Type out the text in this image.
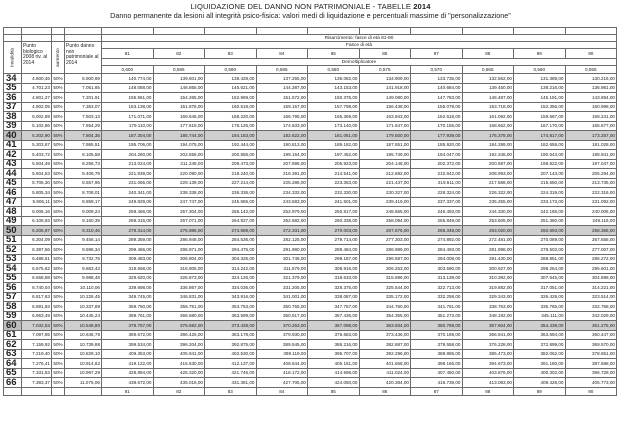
LIQUIDAZIONE DEL DANNO NON PATRIMONIALE - TABELLE 2014
Danno permanente da lesioni all integrità psico-fisica: valori medi di liquidazione e percentuali massime di "personalizzazione"

				Risarcimento: fasce di età 81-90									
Invalidità	Punto biologico 2008 riv. al 2014	aumento	Punto danno non patrimoniale al 2014	Fasce di età									
				81	82	83	84	85	86	87	88	89	90
				Demoltiplicatore									
				0,600	0,595	0,590	0,585	0,580	0,575	0,570	0,565	0,560	0,555
34	4.600,46	50%	6.900,69	140.774,00	139.601,00	138.428,00	137.255,00	136.082,00	134.909,00	133.735,00	132.562,00	131.389,00	130.216,00
35	4.701,23	50%	7.051,85	148.088,00	146.855,00	145.621,00	144.387,00	143.153,00	141.918,00	140.684,00	139.450,00	138.216,00	136.981,00
36	4.801,27	50%	7.201,91	155.561,00	154.265,00	152.969,00	151.672,00	150.376,00	149.080,00	147.783,00	146.487,00	145.191,00	143.894,00
37	4.902,05	50%	7.353,07	163.138,00	161.878,00	160.518,00	159.157,00	157.798,00	156.438,00	155.078,00	153.718,00	152.356,00	150.998,00
38	5.002,89	50%	7.503,13	171.071,00	169.646,00	168.220,00	166.795,00	165.369,00	163.943,00	162.518,00	161.092,00	159.667,00	158.241,00
39	5.102,86	50%	7.654,29	179.110,00	177.618,00	176.125,00	174.633,00	173.140,00	171.647,00	170.155,00	168.662,00	167.170,00	165.677,00
40	5.202,90	50%	7.804,35	187.304,00	185.744,00	184.183,00	182.622,00	181.061,00	179.500,00	177.939,00	176.378,00	174.817,00	173.257,00
41	5.303,67	50%	7.955,51	195.706,00	194.075,00	192.444,00	190.813,00	189.182,00	187.551,00	185.920,00	184.289,00	182.658,00	181.028,00
42	5.403,72	50%	8.105,58	204.260,00	202.558,00	200.856,00	199.154,00	197.452,00	195.749,00	194.047,00	192.345,00	190.643,00	188.941,00
43	5.504,49	50%	8.256,73	213.024,00	211.248,00	209.473,00	207.698,00	205.923,00	204.148,00	202.372,00	200.597,00	198.822,00	197.047,00
44	5.604,53	50%	8.406,79	221.939,00	220.090,00	218.240,00	216.391,00	214.541,00	212.692,00	210.842,00	208.993,00	207.143,00	205.294,00
45	5.705,30	50%	8.557,95	231.065,00	229.139,00	227.214,00	225.288,00	223.363,00	221.437,00	219.511,00	217.586,00	215.660,00	213.735,00
46	5.805,34	50%	8.708,01	240.341,00	238.338,00	236.336,00	234.333,00	232.330,00	230.327,00	228.324,00	226.322,00	224.319,00	222.316,00
47	5.906,11	50%	8.859,17	249.829,00	247.747,00	245.665,00	243.583,00	241.501,00	239.419,00	237.337,00	235.255,00	233.173,00	231.092,00
48	6.006,16	50%	9.009,24	259.466,00	257.304,00	255.142,00	252.979,00	250.817,00	248.655,00	246.493,00	244.330,00	242.168,00	240.006,00
49	6.106,93	50%	9.160,39	269.316,00	267.071,00	264.827,00	262.582,00	260.338,00	258.094,00	255.849,00	253.605,00	251.360,00	249.116,00
50	6.206,97	50%	9.310,46	279.314,00	276.986,00	274.659,00	272.331,00	270.003,00	267.676,00	265.348,00	263.020,00	260.693,00	258.365,00
51	6.304,09	50%	9.456,14	289.359,00	286.948,00	284.536,00	282.125,00	279.714,00	277.303,00	274.892,00	272.481,00	270.069,00	267.658,00
52	6.397,56	50%	9.596,34	299.466,00	296.971,00	294.475,00	291.980,00	289.484,00	286.989,00	284.493,00	281.998,00	279.502,00	277.007,00
53	6.488,51	50%	9.732,76	309.483,00	306.904,00	304.325,00	301.746,00	299.167,00	296.587,00	294.008,00	291.430,00	288.851,00	286.272,00
54	6.575,62	50%	9.863,43	319.568,00	316.905,00	314.242,00	311.579,00	308.916,00	306.253,00	303.590,00	300.927,00	298.264,00	295.601,00
55	6.658,88	50%	9.988,48	329.620,00	326.873,00	324.126,00	321.379,00	318.633,00	315.886,00	313.139,00	310.392,00	307.645,00	304.898,00
56	6.740,04	50%	10.110,06	339.698,00	336.867,00	334.036,00	331.205,00	328.375,00	325.544,00	322.713,00	319.882,00	317.051,00	314.221,00
57	6.817,63	50%	10.226,45	349.745,00	346.831,00	343.916,00	341.001,00	338.087,00	335.172,00	332.258,00	329.343,00	326.429,00	323.514,00
58	6.891,93	50%	10.337,89	359.750,00	356.751,00	353.753,00	350.755,00	347.757,00	344.760,00	341.761,00	338.763,00	335.765,00	332.768,00
59	6.963,49	50%	10.445,24	369.761,00	366.680,00	363.599,00	360.517,00	357.436,00	354.355,00	351.273,00	348.192,00	345.111,00	342.029,00
60	7.032,53	50%	10.548,80	379.757,00	376.592,00	373.428,00	370.263,00	367.098,00	363.934,00	360.769,00	357.604,00	354.439,00	351.275,00
61	7.097,85	50%	10.646,78	389.672,00	386.425,00	383.178,00	379.930,00	376.683,00	373.436,00	370.189,00	366.941,00	363.694,00	360.447,00
62	7.159,92	50%	10.739,88	399.534,00	396.204,00	392.875,00	389.545,00	386.216,00	382.887,00	379.558,00	376.228,00	372.899,00	369.570,00
63	7.219,40	50%	10.829,10	409.353,00	405.941,00	402.530,00	399.119,00	395.707,00	392.296,00	388.885,00	385.473,00	382.062,00	378.651,00
64	7.276,41	50%	10.914,62	419.122,00	415.630,00	412.137,00	408.644,00	405.151,00	401.658,00	398.166,00	394.673,00	391.180,00	387.688,00
65	7.331,53	50%	10.997,29	428.894,00	425.320,00	421.746,00	418.172,00	414.598,00	411.024,00	407.450,00	403.876,00	400.302,00	396.728,00
66	7.383,37	50%	11.075,06	438.672,00	435.016,00	431.361,00	427.705,00	424.050,00	420.394,00	416.739,00	413.083,00	409.428,00	405.773,00
				81	82	83	84	85	86	87	88	89	90
